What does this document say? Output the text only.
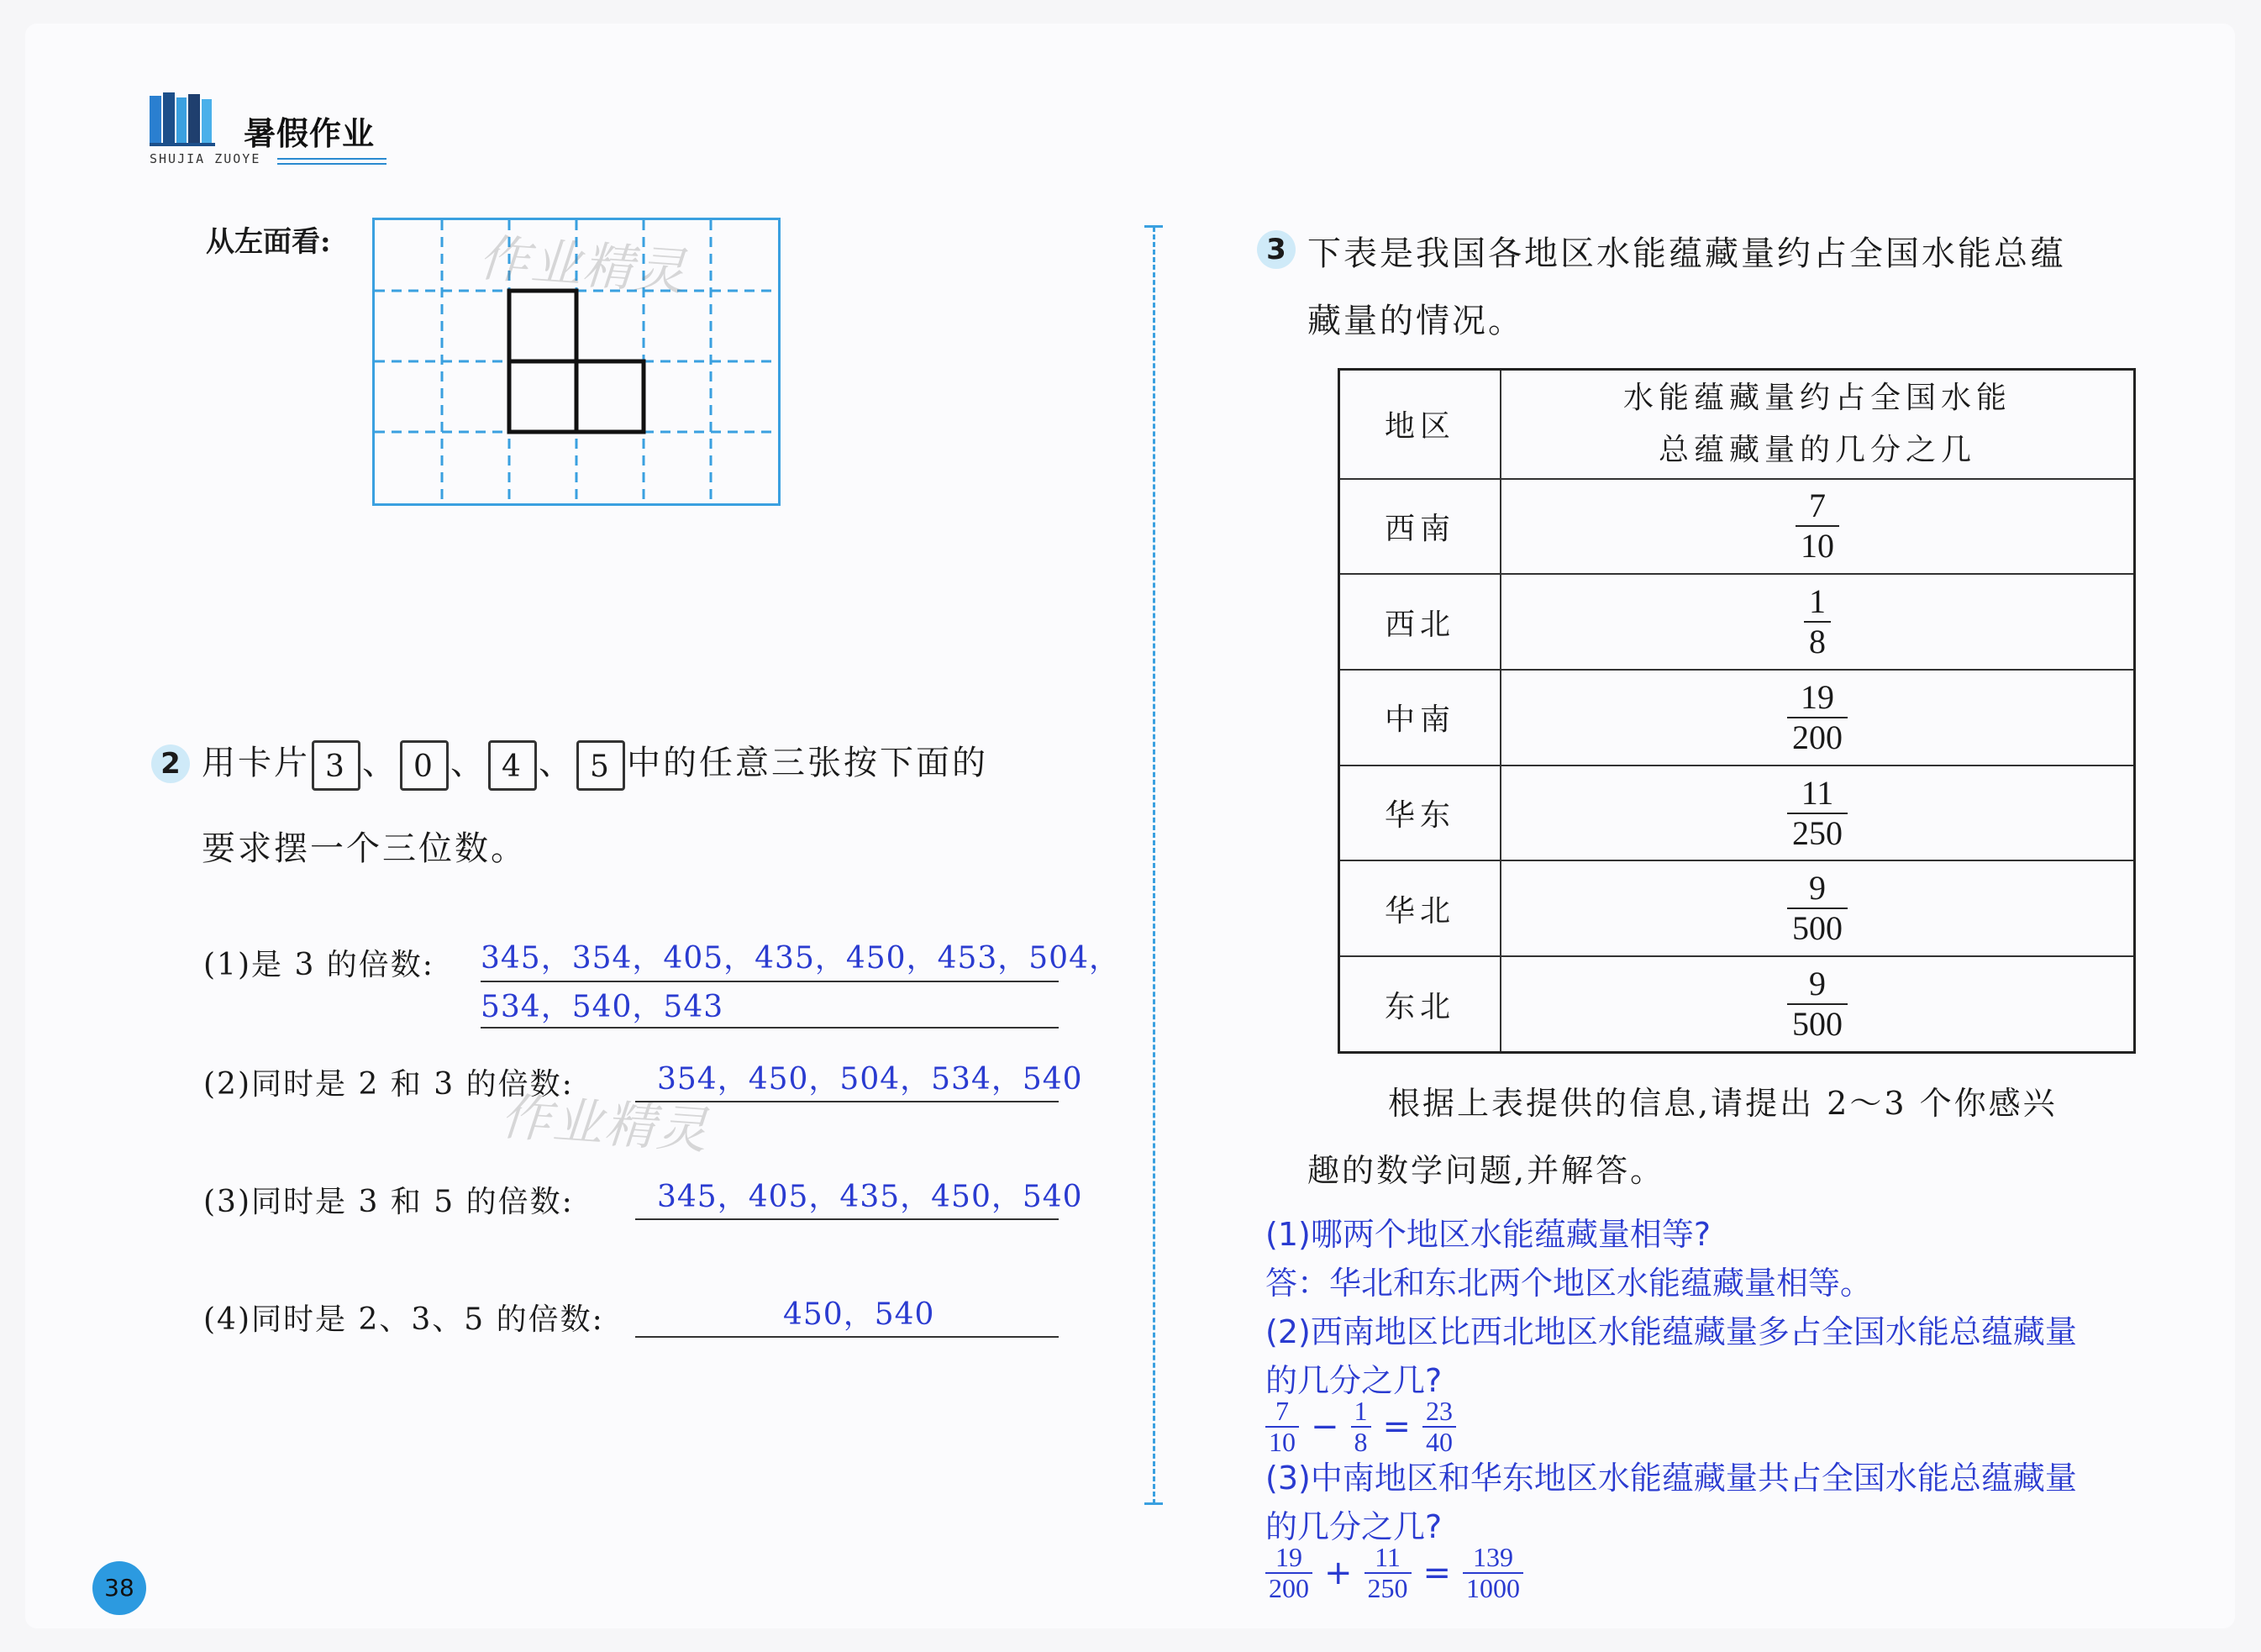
暑假作业
SHUJIA ZUOYE
从左面看:	作业精灵
2 用卡片 3 、 0 、 4 、 5 中的任意三张按下面的
要求摆一个三位数。
(1)是 3 的倍数: 345，354，405，435，450，453，504，
534，540，543
(2)同时是 2 和 3 的倍数:	354，450，504，534，540
作业精灵
(3)同时是 3 和 5 的倍数:	345，405，435，450，540
(4)同时是 2、3、5 的倍数:	450，540
3 下表是我国各地区水能蕴藏量约占全国水能总蕴
藏量的情况。
地区	水能蕴藏量约占全国水能
总蕴藏量的几分之几

西南	$\frac{7}{10}$

西北	$\frac{1}{8}$

中南	$\frac{19}{200}$

华东	$\frac{11}{250}$

华北	$\frac{9}{500}$

东北	$\frac{9}{500}$
根据上表提供的信息,请提出 2～3 个你感兴
趣的数学问题,并解答。
(1)哪两个地区水能蕴藏量相等?
答：华北和东北两个地区水能蕴藏量相等。
(2)西南地区比西北地区水能蕴藏量多占全国水能总蕴藏量
的几分之几?
$\frac{7}{10} - \frac{1}{8} = \frac{23}{40}$
(3)中南地区和华东地区水能蕴藏量共占全国水能总蕴藏量
的几分之几?
$\frac{19}{200} + \frac{11}{250} = \frac{139}{1000}$
38
